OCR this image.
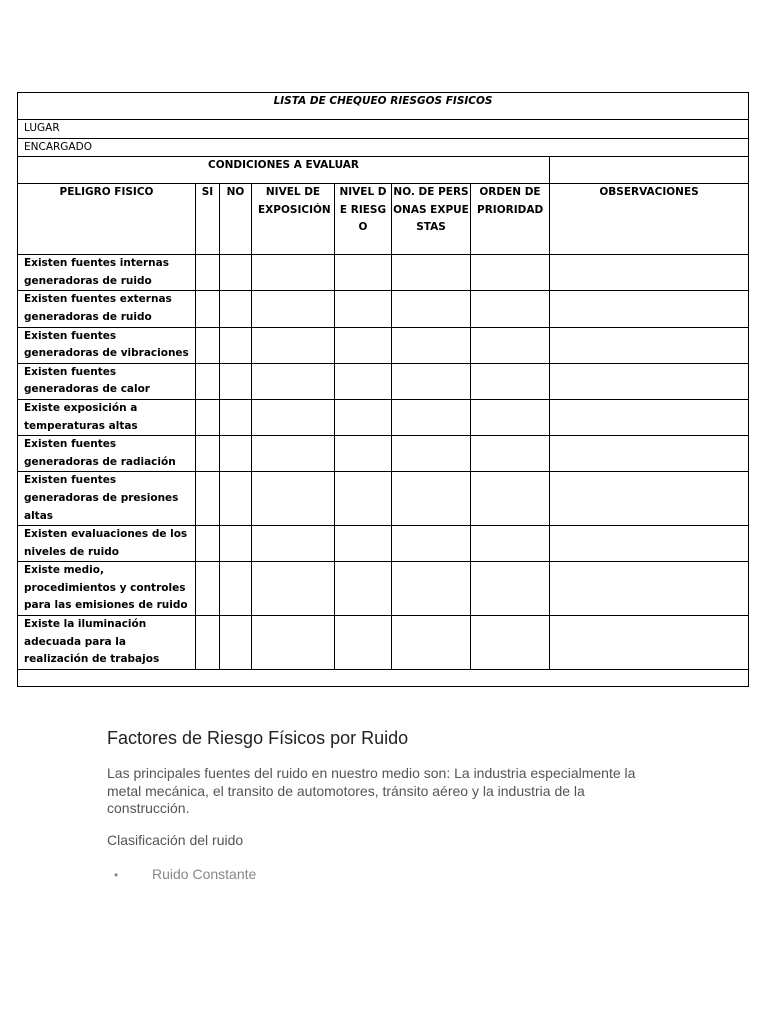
LISTA DE CHEQUEO RIESGOS FISICOS							
LUGAR							
ENCARGADO							
CONDICIONES A EVALUAR							
PELIGRO FISICO	SI	NO	NIVEL DE EXPOSICIÓN	NIVEL DE RIESGO	NO. DE PERSONAS EXPUESTAS	ORDEN DE PRIORIDAD	OBSERVACIONES
Existen fuentes internas generadoras de ruido							
Existen fuentes externas generadoras de ruido							
Existen fuentes generadoras de vibraciones							
Existen fuentes generadoras de calor							
Existe exposición a temperaturas altas							
Existen fuentes generadoras de radiación							
Existen fuentes generadoras de presiones altas							
Existen evaluaciones de los niveles de ruido							
Existe medio, procedimientos y controles para las emisiones de ruido							
Existe la iluminación adecuada para la realización de trabajos							

Factores de Riesgo Físicos por Ruido
Las principales fuentes del ruido en nuestro medio son: La industria especialmente la metal mecánica, el transito de automotores, tránsito aéreo y la industria de la construcción.
Clasificación del ruido
• Ruido Constante
